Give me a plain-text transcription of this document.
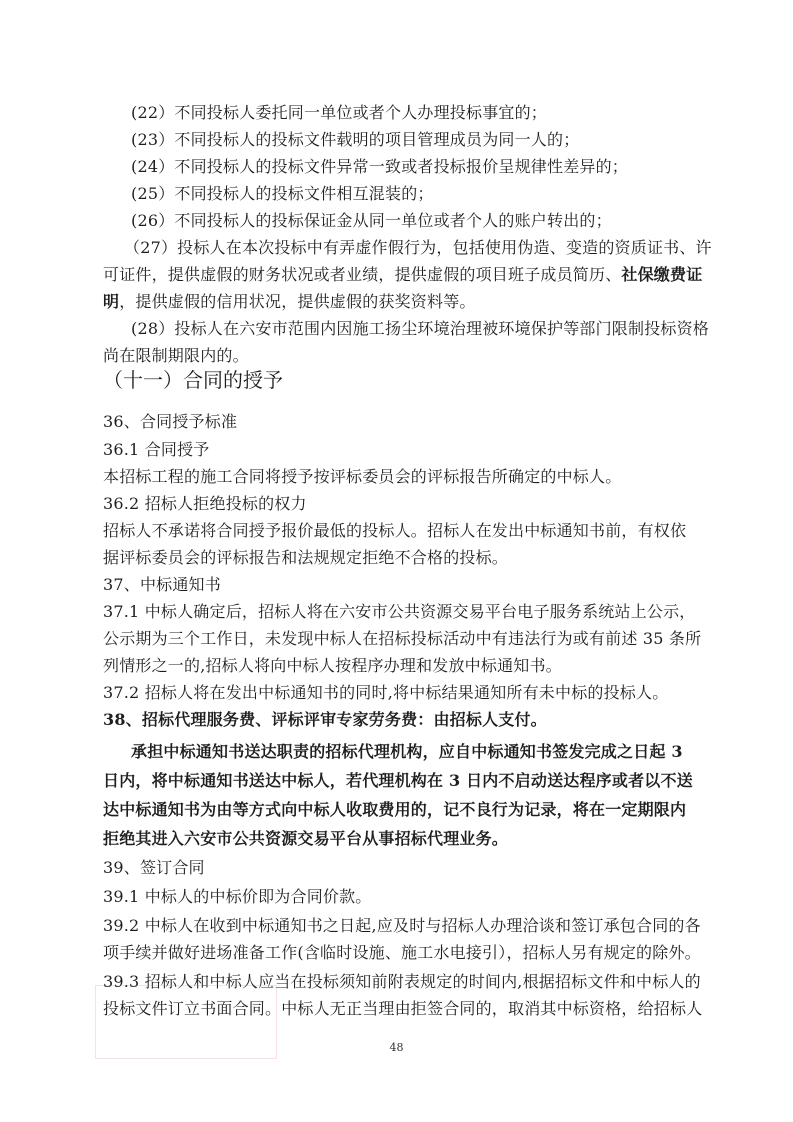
(22）不同投标人委托同一单位或者个人办理投标事宜的；
(23）不同投标人的投标文件载明的项目管理成员为同一人的；
(24）不同投标人的投标文件异常一致或者投标报价呈规律性差异的；
(25）不同投标人的投标文件相互混装的；
(26）不同投标人的投标保证金从同一单位或者个人的账户转出的；
（27）投标人在本次投标中有弄虚作假行为，包括使用伪造、变造的资质证书、许
可证件，提供虚假的财务状况或者业绩，提供虚假的项目班子成员简历、社保缴费证
明，提供虚假的信用状况，提供虚假的获奖资料等。
(28）投标人在六安市范围内因施工扬尘环境治理被环境保护等部门限制投标资格
尚在限制期限内的。
（十一）合同的授予
36、合同授予标准
36.1 合同授予
本招标工程的施工合同将授予按评标委员会的评标报告所确定的中标人。
36.2 招标人拒绝投标的权力
招标人不承诺将合同授予报价最低的投标人。招标人在发出中标通知书前，有权依
据评标委员会的评标报告和法规规定拒绝不合格的投标。
37、中标通知书
37.1 中标人确定后，招标人将在六安市公共资源交易平台电子服务系统站上公示，
公示期为三个工作日，未发现中标人在招标投标活动中有违法行为或有前述 35 条所
列情形之一的,招标人将向中标人按程序办理和发放中标通知书。
37.2 招标人将在发出中标通知书的同时,将中标结果通知所有未中标的投标人。
38、招标代理服务费、评标评审专家劳务费：由招标人支付。
承担中标通知书送达职责的招标代理机构，应自中标通知书签发完成之日起 3
日内，将中标通知书送达中标人，若代理机构在 3 日内不启动送达程序或者以不送
达中标通知书为由等方式向中标人收取费用的，记不良行为记录，将在一定期限内
拒绝其进入六安市公共资源交易平台从事招标代理业务。
39、签订合同
39.1 中标人的中标价即为合同价款。
39.2 中标人在收到中标通知书之日起,应及时与招标人办理洽谈和签订承包合同的各
项手续并做好进场准备工作(含临时设施、施工水电接引），招标人另有规定的除外。
39.3 招标人和中标人应当在投标须知前附表规定的时间内,根据招标文件和中标人的
投标文件订立书面合同。中标人无正当理由拒签合同的，取消其中标资格，给招标人
48
